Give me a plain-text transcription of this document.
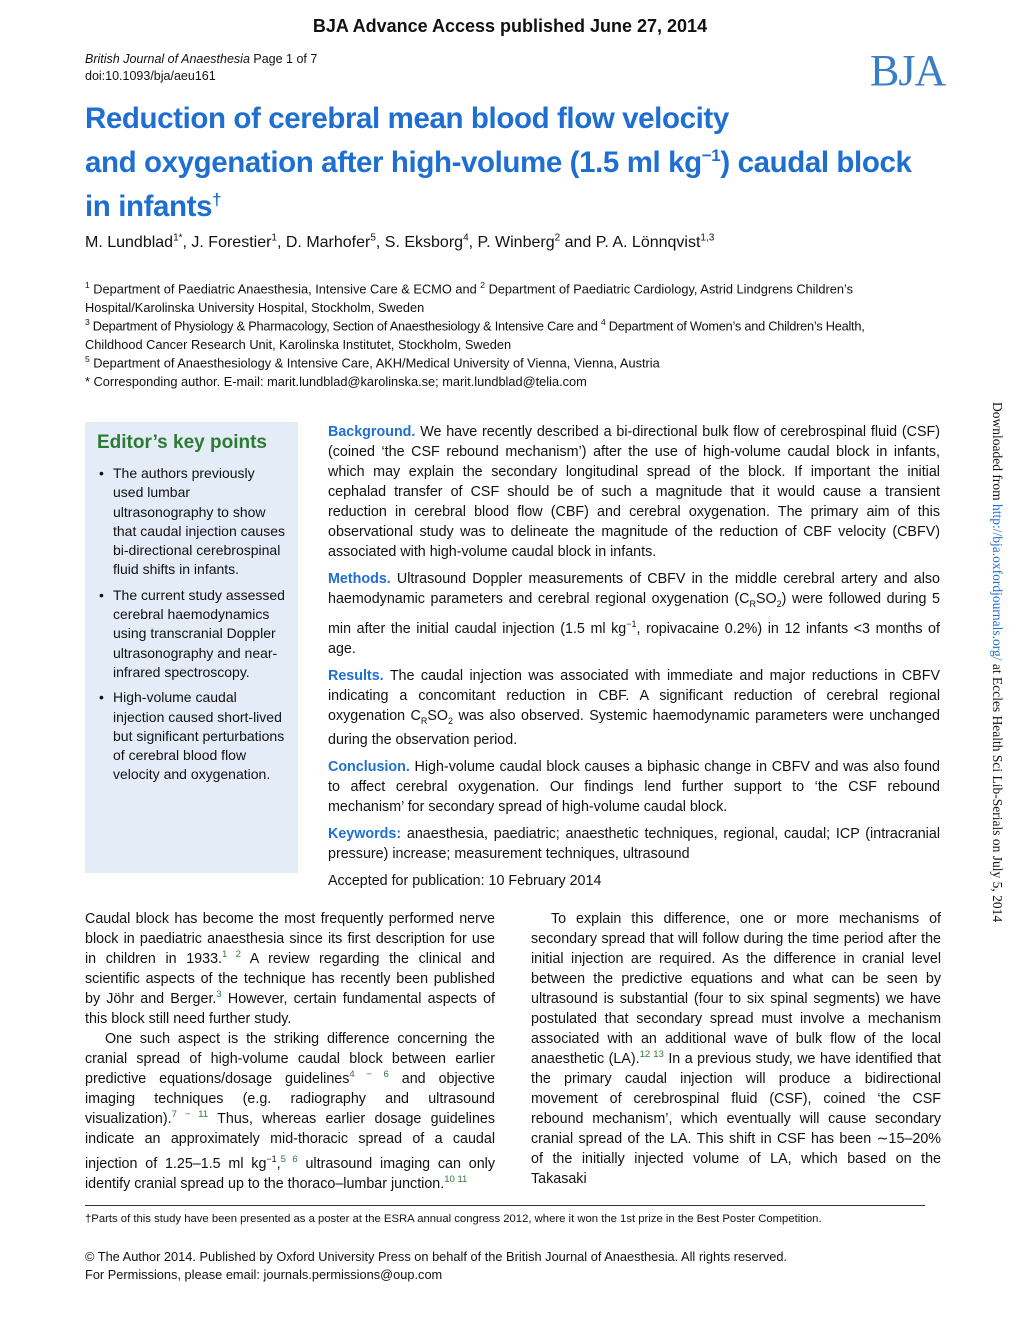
BJA Advance Access published June 27, 2014
British Journal of Anaesthesia Page 1 of 7
doi:10.1093/bja/aeu161	BJA
Reduction of cerebral mean blood flow velocity
and oxygenation after high-volume (1.5 ml $kg^{-1}$) caudal block
in infants†
M. Lundblad$^{1*}$, J. Forestier$^1$, D. Marhofer$^5$, S. Eksborg$^4$, P. Winberg$^2$ and P. A. Lönnqvist$^{1,3}$
$^1$ Department of Paediatric Anaesthesia, Intensive Care & ECMO and $^2$ Department of Paediatric Cardiology, Astrid Lindgrens Children’s
Hospital/Karolinska University Hospital, Stockholm, Sweden
$^3$ Department of Physiology & Pharmacology, Section of Anaesthesiology & Intensive Care and $^4$ Department of Women’s and Children’s Health,
Childhood Cancer Research Unit, Karolinska Institutet, Stockholm, Sweden
$^5$ Department of Anaesthesiology & Intensive Care, AKH/Medical University of Vienna, Vienna, Austria
* Corresponding author. E-mail: marit.lundblad@karolinska.se; marit.lundblad@telia.com
Editor’s key points
• The authors previously used lumbar ultrasonography to show that caudal injection causes bi-directional cerebrospinal fluid shifts in infants.
• The current study assessed cerebral haemodynamics using transcranial Doppler ultrasonography and near-infrared spectroscopy.
• High-volume caudal injection caused short-lived but significant perturbations of cerebral blood flow velocity and oxygenation.

Background. We have recently described a bi-directional bulk flow of cerebrospinal fluid (CSF) (coined ‘the CSF rebound mechanism’) after the use of high-volume caudal block in infants, which may explain the secondary longitudinal spread of the block. If important the initial cephalad transfer of CSF should be of such a magnitude that it would cause a transient reduction in cerebral blood flow (CBF) and cerebral oxygenation. The primary aim of this observational study was to delineate the magnitude of the reduction of CBF velocity (CBFV) associated with high-volume caudal block in infants.

Methods. Ultrasound Doppler measurements of CBFV in the middle cerebral artery and also haemodynamic parameters and cerebral regional oxygenation $(C_RSO_2)$ were followed during 5 min after the initial caudal injection (1.5 ml $kg^{-1}$, ropivacaine 0.2%) in 12 infants <3 months of age.

Results. The caudal injection was associated with immediate and major reductions in CBFV indicating a concomitant reduction in CBF. A significant reduction of cerebral regional oxygenation $C_RSO_2$ was also observed. Systemic haemodynamic parameters were unchanged during the observation period.

Conclusion. High-volume caudal block causes a biphasic change in CBFV and was also found to affect cerebral oxygenation. Our findings lend further support to ‘the CSF rebound mechanism’ for secondary spread of high-volume caudal block.

Keywords: anaesthesia, paediatric; anaesthetic techniques, regional, caudal; ICP (intracranial pressure) increase; measurement techniques, ultrasound

Accepted for publication: 10 February 2014

Caudal block has become the most frequently performed nerve block in paediatric anaesthesia since its first description for use in children in 1933.$^{1 2}$ A review regarding the clinical and scientific aspects of the technique has recently been published by Jöhr and Berger.$^3$ However, certain fundamental aspects of this block still need further study.

One such aspect is the striking difference concerning the cranial spread of high-volume caudal block between earlier predictive equations/dosage guidelines$^{4 - 6}$ and objective imaging techniques (e.g. radiography and ultrasound visualization).$^{7 - 11}$ Thus, whereas earlier dosage guidelines indicate an approximately mid-thoracic spread of a caudal injection of 1.25–1.5 ml $kg^{-1},^{5 6}$ ultrasound imaging can only identify cranial spread up to the thoraco–lumbar junction.$^{10 11}$

To explain this difference, one or more mechanisms of secondary spread that will follow during the time period after the initial injection are required. As the difference in cranial level between the predictive equations and what can be seen by ultrasound is substantial (four to six spinal segments) we have postulated that secondary spread must involve a mechanism associated with an additional wave of bulk flow of the local anaesthetic (LA).$^{12 13}$ In a previous study, we have identified that the primary caudal injection will produce a bidirectional movement of cerebrospinal fluid (CSF), coined ‘the CSF rebound mechanism’, which eventually will cause secondary cranial spread of the LA. This shift in CSF has been ∼15–20% of the initially injected volume of LA, which based on the Takasaki

†Parts of this study have been presented as a poster at the ESRA annual congress 2012, where it won the 1st prize in the Best Poster Competition.
© The Author 2014. Published by Oxford University Press on behalf of the British Journal of Anaesthesia. All rights reserved.
For Permissions, please email: journals.permissions@oup.com
Downloaded from http://bja.oxfordjournals.org/ at Eccles Health Sci Lib-Serials on July 5, 2014
